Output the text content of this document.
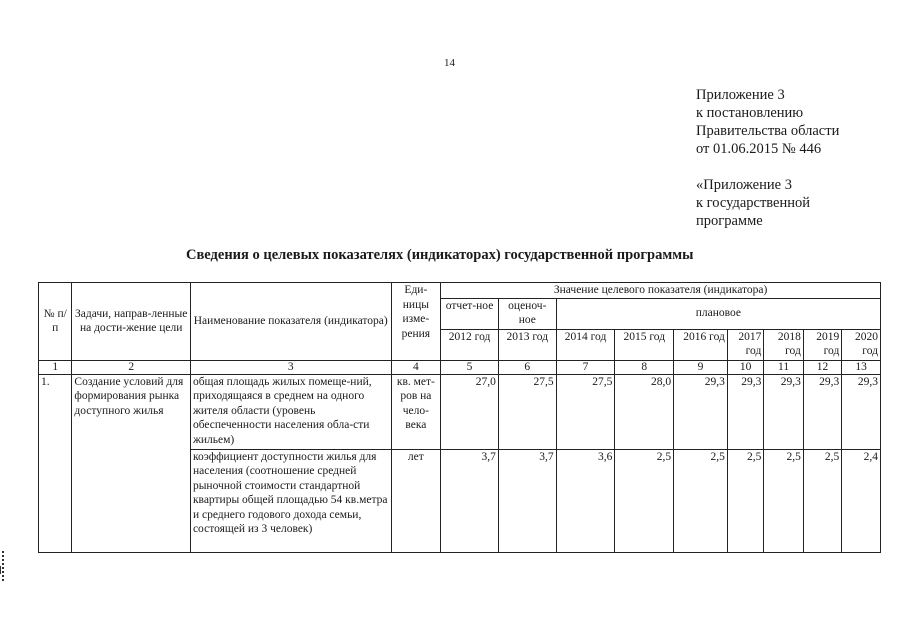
14
Приложение 3
к постановлению
Правительства области
от 01.06.2015 № 446
«Приложение 3
к государственной
программе
Сведения о целевых показателях (индикаторах) государственной программы
№ п/п	Задачи, направ-ленные на дости-жение цели	Наименование показателя (индикатора)	Еди-ницы изме-рения	Значение целевого показателя (индикатора)								
				отчет-ное	оценоч-ное	плановое						
				2012 год	2013 год	2014 год	2015 год	2016 год	2017 год	2018 год	2019 год	2020 год
1	2	3	4	5	6	7	8	9	10	11	12	13
1.	Создание условий для формирования рынка доступного жилья	общая площадь жилых помеще-ний, приходящаяся в среднем на одного жителя области (уровень обеспеченности населения обла-сти жильем)	кв. мет-ров на чело-века	27,0	27,5	27,5	28,0	29,3	29,3	29,3	29,3	29,3
		коэффициент доступности жилья для населения (соотношение средней рыночной стоимости стандартной квартиры общей площадью 54 кв.метра и среднего годового дохода семьи, состоящей из 3 человек)	лет	3,7	3,7	3,6	2,5	2,5	2,5	2,5	2,5	2,4
